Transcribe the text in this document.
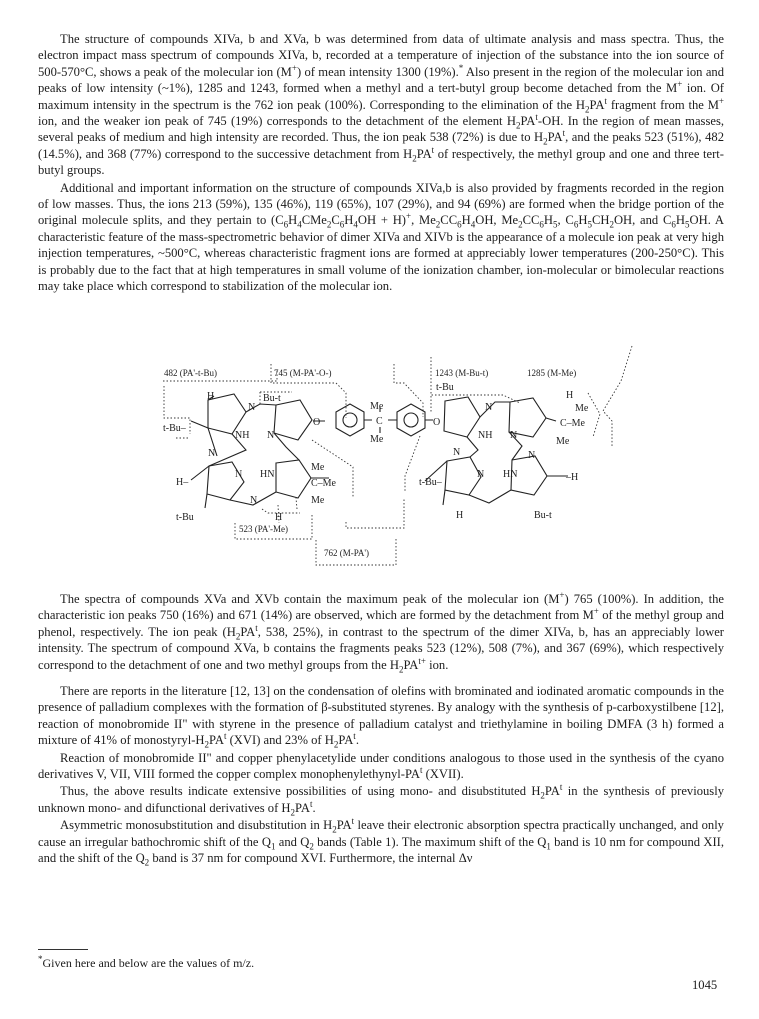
The structure of compounds XIVa, b and XVa, b was determined from data of ultimate analysis and mass spectra. Thus, the electron impact mass spectrum of compounds XIVa, b, recorded at a temperature of injection of the substance into the ion source of 500-570°C, shows a peak of the molecular ion (M+) of mean intensity 1300 (19%).* Also present in the region of the molecular ion and peaks of low intensity (~1%), 1285 and 1243, formed when a methyl and a tert-butyl group become detached from the M+ ion. Of maximum intensity in the spectrum is the 762 ion peak (100%). Corresponding to the elimination of the $H_2PA^t$ fragment from the M+ ion, and the weaker ion peak of 745 (19%) corresponds to the detachment of the element $H_2PA^t-OH$. In the region of mean masses, several peaks of medium and high intensity are recorded. Thus, the ion peak 538 (72%) is due to $H_2PA^t$, and the peaks 523 (51%), 482 (14.5%), and 368 (77%) correspond to the successive detachment from $H_2PA^t$ of respectively, the methyl group and one and three tert-butyl groups.

Additional and important information on the structure of compounds XIVa,b is also provided by fragments recorded in the region of low masses. Thus, the ions 213 (59%), 135 (46%), 119 (65%), 107 (29%), and 94 (69%) are formed when the bridge portion of the original molecule splits, and they pertain to $(C_6H_4CMe_2C_6H_4OH + H)^+$, $Me_2CC_6H_4OH$, $Me_2CC_6H_5$, $C_6H_5CH_2OH$, and $C_6H_5OH$. A characteristic feature of the mass-spectrometric behavior of dimer XIVa and XIVb is the appearance of a molecule ion peak at very high injection temperatures, ~500°C, whereas characteristic fragment ions are formed at appreciably lower temperatures (200-250°C). This is probably due to the fact that at high temperatures in small volume of the ionization chamber, ion-molecular or bimolecular reactions may take place which correspond to stabilization of the molecular ion.

482 (PA'-t-Bu)	745 (M-PA'-O-)	1243 (M-Bu-t)	1285 (M-Me)
523 (PA'-Me)
762 (M-PA')
H	Bu-t
t-Bu–
N
NH N
O
Me
C
Me
O
N
N HN
H–
N
Me
C–Me
Me
t-Bu	H
t-Bu
H
Me
C–Me
Me
N
NH N
N
N HN
N
t-Bu–	–H
H	Bu-t

The spectra of compounds XVa and XVb contain the maximum peak of the molecular ion (M+) 765 (100%). In addition, the characteristic ion peaks 750 (16%) and 671 (14%) are observed, which are formed by the detachment from M+ of the methyl group and phenol, respectively. The ion peak ($H_2PA^t$, 538, 25%), in contrast to the spectrum of the dimer XIVa, b, has an appreciably lower intensity. The spectrum of compound XVa, b contains the fragments peaks 523 (12%), 508 (7%), and 367 (69%), which respectively correspond to the detachment of one and two methyl groups from the $H_2PA^{t+}$ ion.

There are reports in the literature [12, 13] on the condensation of olefins with brominated and iodinated aromatic compounds in the presence of palladium complexes with the formation of β-substituted styrenes. By analogy with the synthesis of p-carboxystilbene [12], reaction of monobromide II" with styrene in the presence of palladium catalyst and triethylamine in boiling DMFA (3 h) formed a mixture of 41% of monostyryl-$H_2PA^t$ (XVI) and 23% of $H_2PA^t$.

Reaction of monobromide II" and copper phenylacetylide under conditions analogous to those used in the synthesis of the cyano derivatives V, VII, VIII formed the copper complex monophenylethynyl-$PA^t$ (XVII).

Thus, the above results indicate extensive possibilities of using mono- and disubstituted $H_2PA^t$ in the synthesis of previously unknown mono- and difunctional derivatives of $H_2PA^t$.

Asymmetric monosubstitution and disubstitution in $H_2PA^t$ leave their electronic absorption spectra practically unchanged, and only cause an irregular bathochromic shift of the $Q_1$ and $Q_2$ bands (Table 1). The maximum shift of the $Q_1$ band is 10 nm for compound XII, and the shift of the $Q_2$ band is 37 nm for compound XVI. Furthermore, the internal Δν

*Given here and below are the values of m/z.
1045
